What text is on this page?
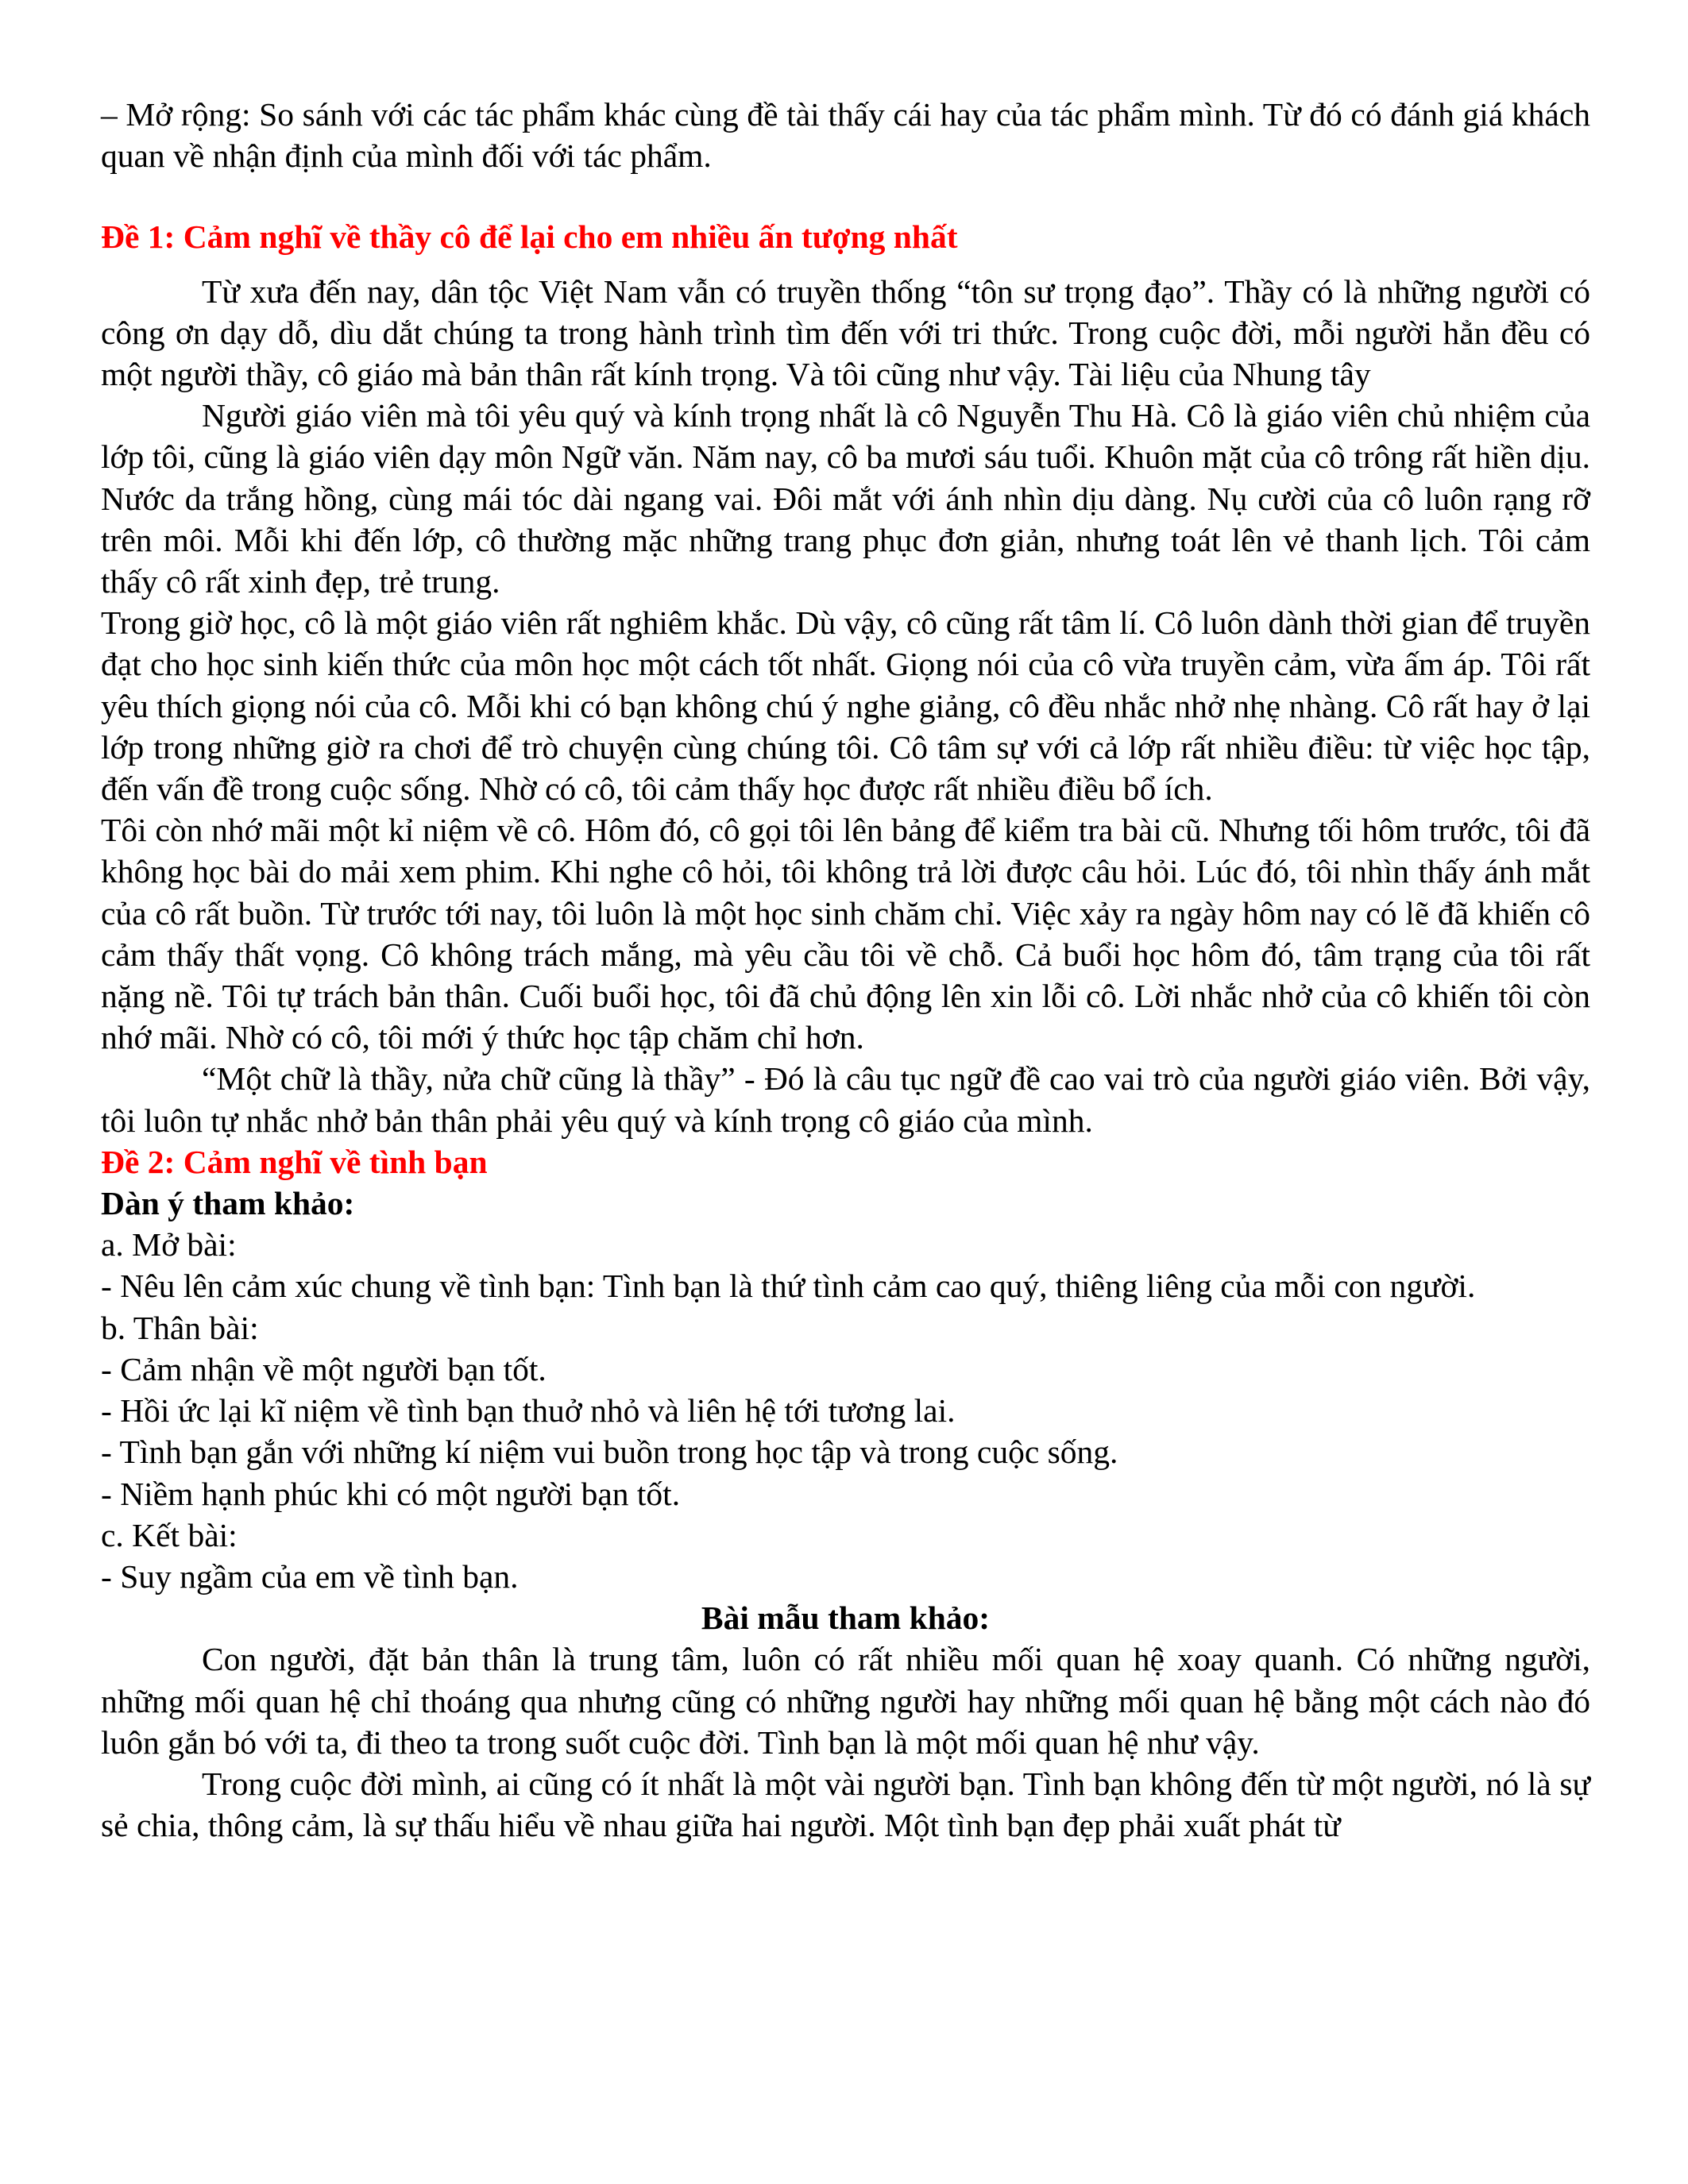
– Mở rộng: So sánh với các tác phẩm khác cùng đề tài thấy cái hay của tác phẩm mình. Từ đó có đánh giá khách quan về nhận định của mình đối với tác phẩm.

Đề 1: Cảm nghĩ về thầy cô để lại cho em nhiều ấn tượng nhất

Từ xưa đến nay, dân tộc Việt Nam vẫn có truyền thống “tôn sư trọng đạo”. Thầy có là những người có công ơn dạy dỗ, dìu dắt chúng ta trong hành trình tìm đến với tri thức. Trong cuộc đời, mỗi người hẳn đều có một người thầy, cô giáo mà bản thân rất kính trọng. Và tôi cũng như vậy. Tài liệu của Nhung tây

Người giáo viên mà tôi yêu quý và kính trọng nhất là cô Nguyễn Thu Hà. Cô là giáo viên chủ nhiệm của lớp tôi, cũng là giáo viên dạy môn Ngữ văn. Năm nay, cô ba mươi sáu tuổi. Khuôn mặt của cô trông rất hiền dịu. Nước da trắng hồng, cùng mái tóc dài ngang vai. Đôi mắt với ánh nhìn dịu dàng. Nụ cười của cô luôn rạng rỡ trên môi. Mỗi khi đến lớp, cô thường mặc những trang phục đơn giản, nhưng toát lên vẻ thanh lịch. Tôi cảm thấy cô rất xinh đẹp, trẻ trung.

Trong giờ học, cô là một giáo viên rất nghiêm khắc. Dù vậy, cô cũng rất tâm lí. Cô luôn dành thời gian để truyền đạt cho học sinh kiến thức của môn học một cách tốt nhất. Giọng nói của cô vừa truyền cảm, vừa ấm áp. Tôi rất yêu thích giọng nói của cô. Mỗi khi có bạn không chú ý nghe giảng, cô đều nhắc nhở nhẹ nhàng. Cô rất hay ở lại lớp trong những giờ ra chơi để trò chuyện cùng chúng tôi. Cô tâm sự với cả lớp rất nhiều điều: từ việc học tập, đến vấn đề trong cuộc sống. Nhờ có cô, tôi cảm thấy học được rất nhiều điều bổ ích.

Tôi còn nhớ mãi một kỉ niệm về cô. Hôm đó, cô gọi tôi lên bảng để kiểm tra bài cũ. Nhưng tối hôm trước, tôi đã không học bài do mải xem phim. Khi nghe cô hỏi, tôi không trả lời được câu hỏi. Lúc đó, tôi nhìn thấy ánh mắt của cô rất buồn. Từ trước tới nay, tôi luôn là một học sinh chăm chỉ. Việc xảy ra ngày hôm nay có lẽ đã khiến cô cảm thấy thất vọng. Cô không trách mắng, mà yêu cầu tôi về chỗ. Cả buổi học hôm đó, tâm trạng của tôi rất nặng nề. Tôi tự trách bản thân. Cuối buổi học, tôi đã chủ động lên xin lỗi cô. Lời nhắc nhở của cô khiến tôi còn nhớ mãi. Nhờ có cô, tôi mới ý thức học tập chăm chỉ hơn.

“Một chữ là thầy, nửa chữ cũng là thầy” - Đó là câu tục ngữ đề cao vai trò của người giáo viên. Bởi vậy, tôi luôn tự nhắc nhở bản thân phải yêu quý và kính trọng cô giáo của mình.

Đề 2: Cảm nghĩ về tình bạn

Dàn ý tham khảo:

a. Mở bài:

- Nêu lên cảm xúc chung về tình bạn: Tình bạn là thứ tình cảm cao quý, thiêng liêng của mỗi con người.

b. Thân bài:

- Cảm nhận về một người bạn tốt.

- Hồi ức lại kĩ niệm về tình bạn thuở nhỏ và liên hệ tới tương lai.

- Tình bạn gắn với những kí niệm vui buồn trong học tập và trong cuộc sống.

- Niềm hạnh phúc khi có một người bạn tốt.

c. Kết bài:

- Suy ngầm của em về tình bạn.

Bài mẫu tham khảo:

Con người, đặt bản thân là trung tâm, luôn có rất nhiều mối quan hệ xoay quanh. Có những người, những mối quan hệ chỉ thoáng qua nhưng cũng có những người hay những mối quan hệ bằng một cách nào đó luôn gắn bó với ta, đi theo ta trong suốt cuộc đời. Tình bạn là một mối quan hệ như vậy.

Trong cuộc đời mình, ai cũng có ít nhất là một vài người bạn. Tình bạn không đến từ một người, nó là sự sẻ chia, thông cảm, là sự thấu hiểu về nhau giữa hai người. Một tình bạn đẹp phải xuất phát từ
